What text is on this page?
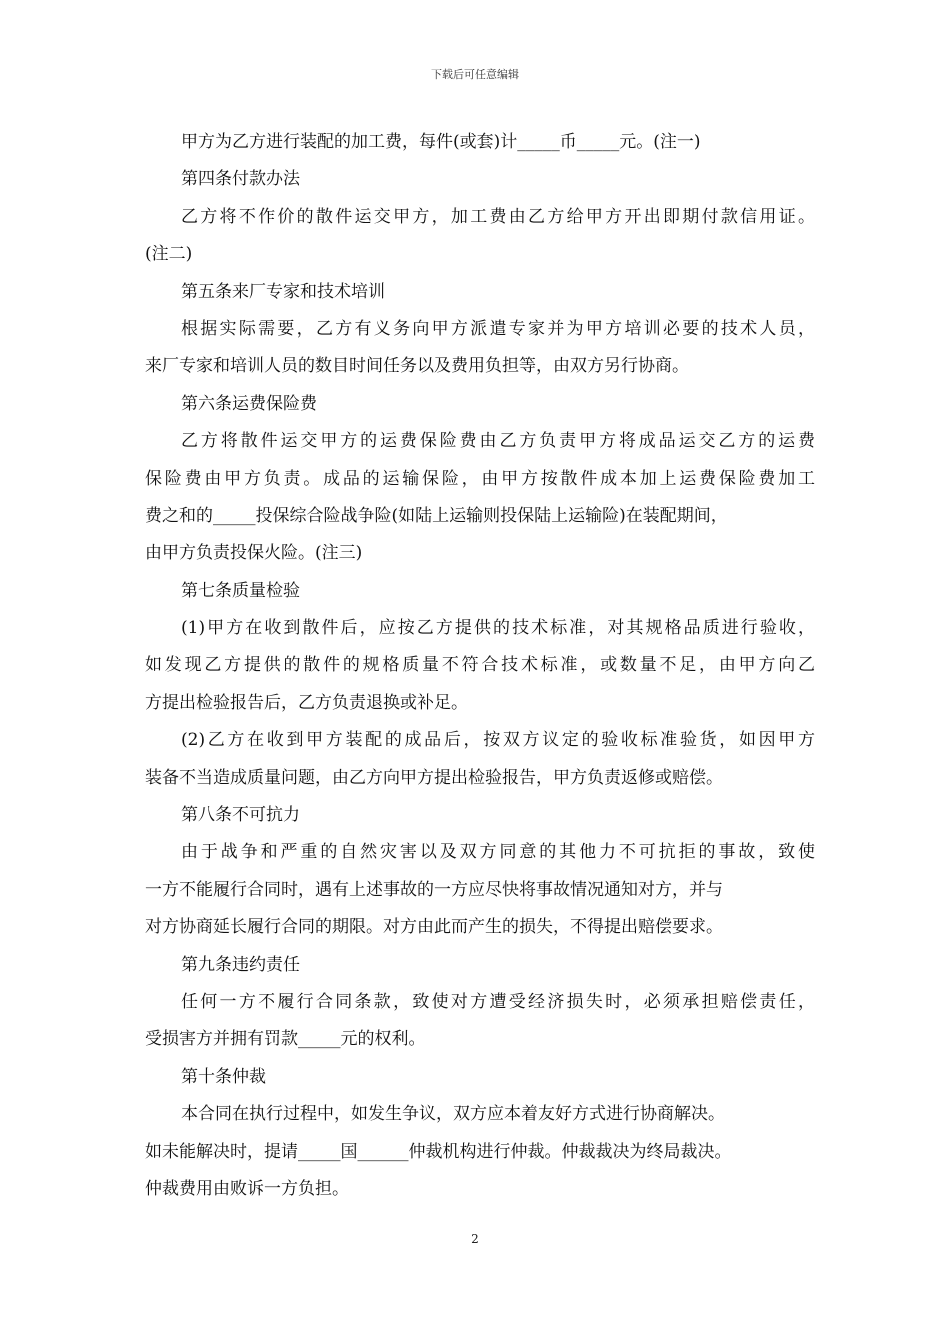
下载后可任意编辑
甲方为乙方进行装配的加工费，每件(或套)计_____币_____元。(注一)
第四条付款办法
乙方将不作价的散件运交甲方，加工费由乙方给甲方开出即期付款信用证。
(注二)
第五条来厂专家和技术培训
根据实际需要，乙方有义务向甲方派遣专家并为甲方培训必要的技术人员，
来厂专家和培训人员的数目时间任务以及费用负担等，由双方另行协商。
第六条运费保险费
乙方将散件运交甲方的运费保险费由乙方负责甲方将成品运交乙方的运费
保险费由甲方负责。成品的运输保险，由甲方按散件成本加上运费保险费加工
费之和的_____投保综合险战争险(如陆上运输则投保陆上运输险)在装配期间，
由甲方负责投保火险。(注三)
第七条质量检验
(1)甲方在收到散件后，应按乙方提供的技术标准，对其规格品质进行验收，
如发现乙方提供的散件的规格质量不符合技术标准，或数量不足，由甲方向乙
方提出检验报告后，乙方负责退换或补足。
(2)乙方在收到甲方装配的成品后，按双方议定的验收标准验货，如因甲方
装备不当造成质量问题，由乙方向甲方提出检验报告，甲方负责返修或赔偿。
第八条不可抗力
由于战争和严重的自然灾害以及双方同意的其他力不可抗拒的事故，致使
一方不能履行合同时，遇有上述事故的一方应尽快将事故情况通知对方，并与
对方协商延长履行合同的期限。对方由此而产生的损失，不得提出赔偿要求。
第九条违约责任
任何一方不履行合同条款，致使对方遭受经济损失时，必须承担赔偿责任，
受损害方并拥有罚款_____元的权利。
第十条仲裁
本合同在执行过程中，如发生争议，双方应本着友好方式进行协商解决。
如未能解决时，提请_____国______仲裁机构进行仲裁。仲裁裁决为终局裁决。
仲裁费用由败诉一方负担。
2
